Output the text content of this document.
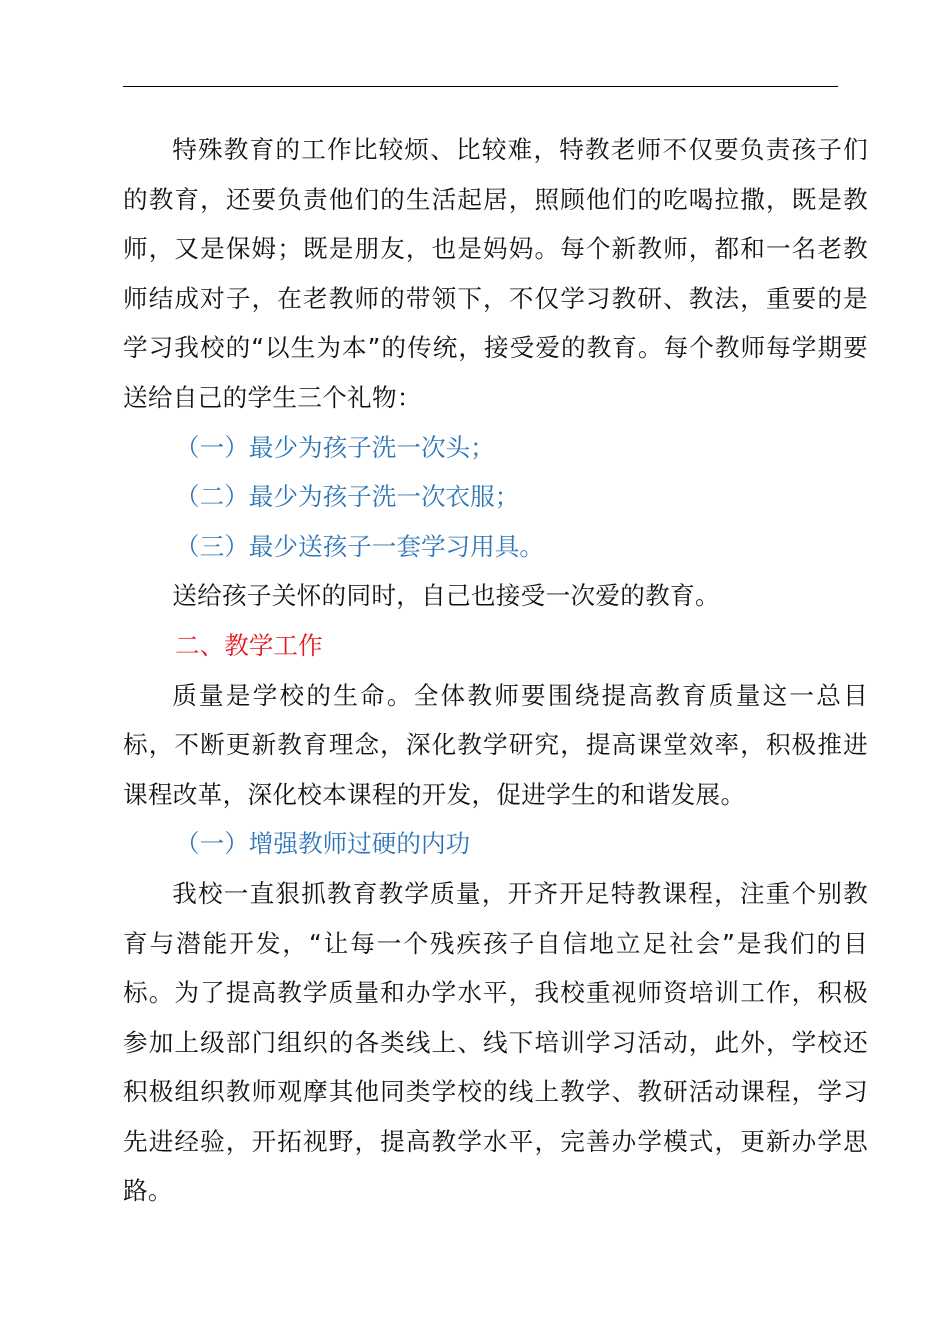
特殊教育的工作比较烦、比较难，特教老师不仅要负责孩子们的教育，还要负责他们的生活起居，照顾他们的吃喝拉撒，既是教师，又是保姆；既是朋友，也是妈妈。每个新教师，都和一名老教师结成对子，在老教师的带领下，不仅学习教研、教法，重要的是学习我校的“以生为本”的传统，接受爱的教育。每个教师每学期要送给自己的学生三个礼物：

（一）最少为孩子洗一次头；

（二）最少为孩子洗一次衣服；

（三）最少送孩子一套学习用具。

送给孩子关怀的同时，自己也接受一次爱的教育。

二、教学工作

质量是学校的生命。全体教师要围绕提高教育质量这一总目标，不断更新教育理念，深化教学研究，提高课堂效率，积极推进课程改革，深化校本课程的开发，促进学生的和谐发展。

（一）增强教师过硬的内功

我校一直狠抓教育教学质量，开齐开足特教课程，注重个别教育与潜能开发，“让每一个残疾孩子自信地立足社会”是我们的目标。为了提高教学质量和办学水平，我校重视师资培训工作，积极参加上级部门组织的各类线上、线下培训学习活动，此外，学校还积极组织教师观摩其他同类学校的线上教学、教研活动课程，学习先进经验，开拓视野，提高教学水平，完善办学模式，更新办学思路。
